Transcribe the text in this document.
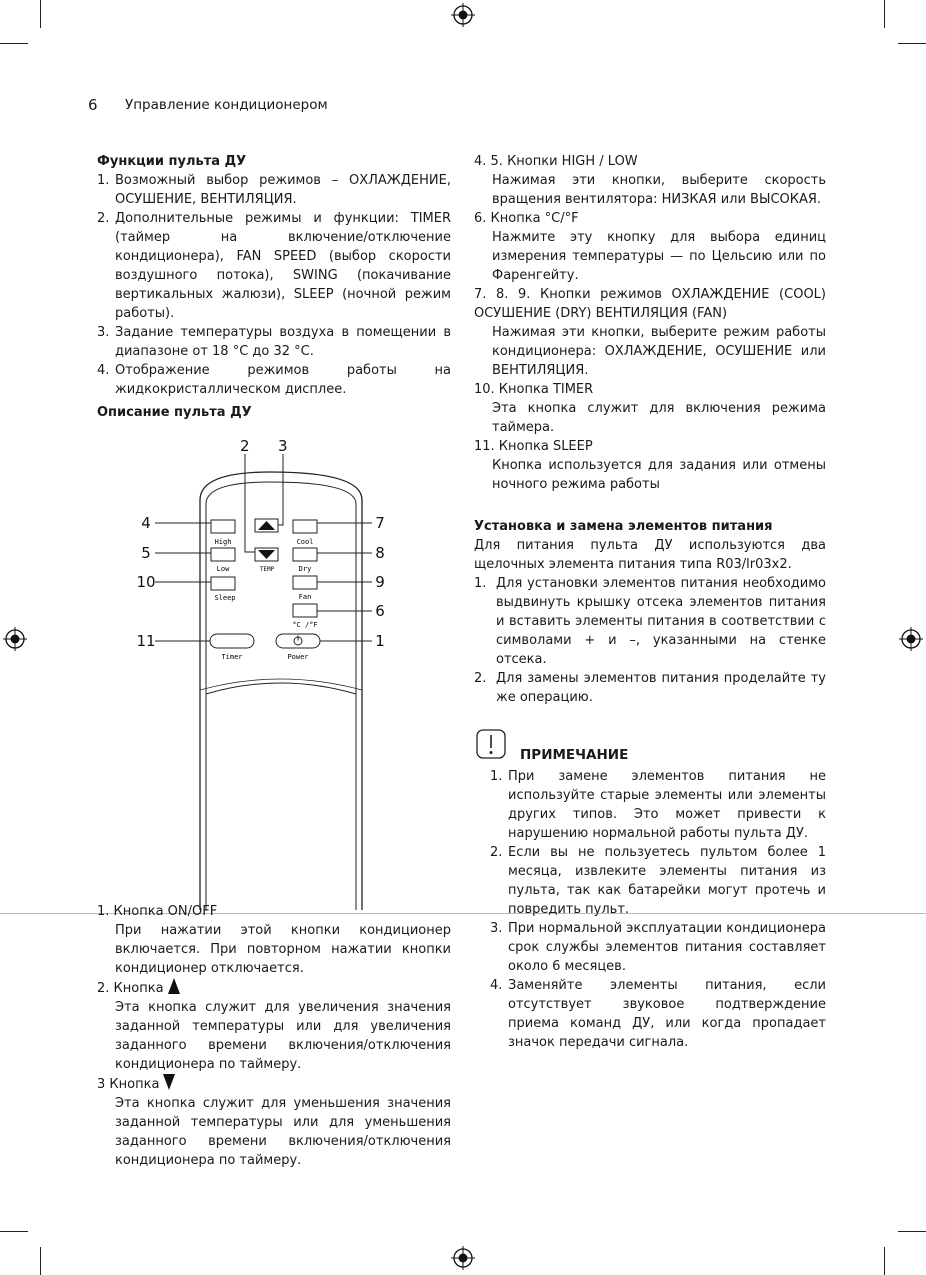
6 Управление кондиционером

Функции пульта ДУ

1. Возможный выбор режимов – ОХЛАЖДЕНИЕ, ОСУШЕНИЕ, ВЕНТИЛЯЦИЯ.
2. Дополнительные режимы и функции: TIMER (таймер на включение/отключение кондиционера), FAN SPEED (выбор скорости воздушного потока), SWING (покачивание вертикальных жалюзи), SLEEP (ночной режим работы).
3. Задание температуры воздуха в помещении в диапазоне от 18 °С до 32 °С.
4. Отображение режимов работы на жидкокристаллическом дисплее.

Описание пульта ДУ

High
Low
Sleep
TEMP
Cool
Dry
Fan
°C /°F
Timer	Power
2 3
4
5
10
11
7
8
9
6
1

1. Кнопка ON/OFF

При нажатии этой кнопки кондиционер включается. При повторном нажатии кнопки кондиционер отключается.

2. Кнопка

Эта кнопка служит для увеличения значения заданной температуры или для увеличения заданного времени включения/отключения кондиционера по таймеру.

3 Кнопка

Эта кнопка служит для уменьшения значения заданной температуры или для уменьшения заданного времени включения/отключения кондиционера по таймеру.

4. 5. Кнопки HIGH / LOW

Нажимая эти кнопки, выберите скорость вращения вентилятора: НИЗКАЯ или ВЫСОКАЯ.

6. Кнопка °C/°F

Нажмите эту кнопку для выбора единиц измерения температуры — по Цельсию или по Фаренгейту.

7. 8. 9. Кнопки режимов ОХЛАЖДЕНИЕ (COOL) ОСУШЕНИЕ (DRY) ВЕНТИЛЯЦИЯ (FAN)

Нажимая эти кнопки, выберите режим работы кондиционера: ОХЛАЖДЕНИЕ, ОСУШЕНИЕ или ВЕНТИЛЯЦИЯ.

10. Кнопка TIMER

Эта кнопка служит для включения режима таймера.

11. Кнопка SLEEP

Кнопка используется для задания или отмены ночного режима работы

Установка и замена элементов питания

Для питания пульта ДУ используются два щелочных элемента питания типа R03/lr03x2.

1. Для установки элементов питания необходимо выдвинуть крышку отсека элементов питания и вставить элементы питания в соответствии с символами + и –, указанными на стенке отсека.
2. Для замены элементов питания проделайте ту же операцию.
ПРИМЕЧАНИЕ
1. При замене элементов питания не используйте старые элементы или элементы других типов. Это может привести к нарушению нормальной работы пульта ДУ.
2. Если вы не пользуетесь пультом более 1 месяца, извлеките элементы питания из пульта, так как батарейки могут протечь и повредить пульт.
3. При нормальной эксплуатации кондиционера срок службы элементов питания составляет около 6 месяцев.
4. Заменяйте элементы питания, если отсутствует звуковое подтверждение приема команд ДУ, или когда пропадает значок передачи сигнала.
